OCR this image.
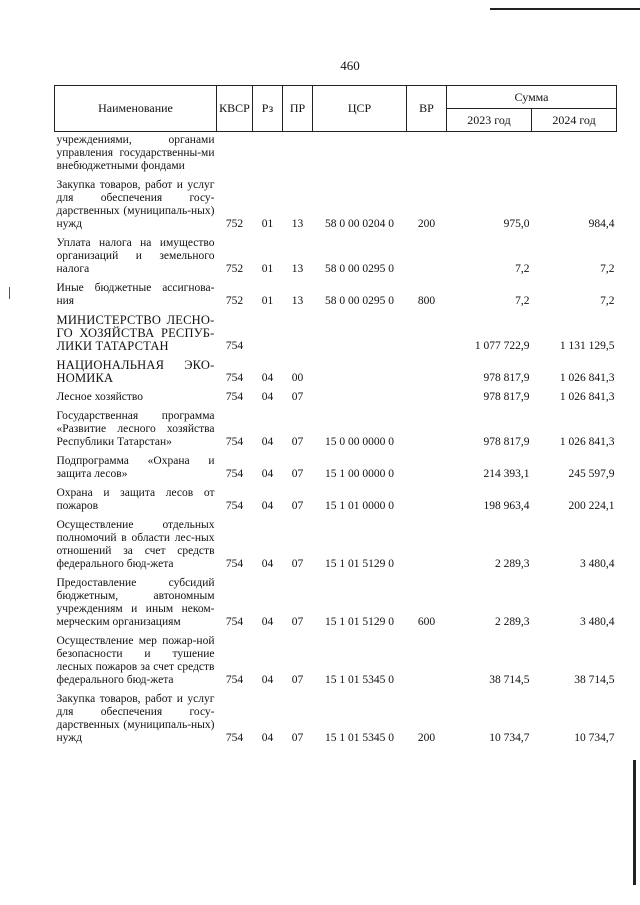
460
Наименование	КВСР	Рз	ПР	ЦСР	ВР	Сумма	
						2023 год	2024 год
учреждениями, органами управления государственны-ми внебюджетными фондами							
Закупка товаров, работ и услуг для обеспечения госу-дарственных (муниципаль-ных) нужд	752	01	13	58 0 00 0204 0	200	975,0	984,4
Уплата налога на имущество организаций и земельного налога	752	01	13	58 0 00 0295 0		7,2	7,2
Иные бюджетные ассигнова-ния	752	01	13	58 0 00 0295 0	800	7,2	7,2
МИНИСТЕРСТВО ЛЕСНО-ГО ХОЗЯЙСТВА РЕСПУБ-ЛИКИ ТАТАРСТАН	754					1 077 722,9	1 131 129,5
НАЦИОНАЛЬНАЯ ЭКО-НОМИКА	754	04	00			978 817,9	1 026 841,3
Лесное хозяйство	754	04	07			978 817,9	1 026 841,3
Государственная программа «Развитие лесного хозяйства Республики Татарстан»	754	04	07	15 0 00 0000 0		978 817,9	1 026 841,3
Подпрограмма «Охрана и защита лесов»	754	04	07	15 1 00 0000 0		214 393,1	245 597,9
Охрана и защита лесов от пожаров	754	04	07	15 1 01 0000 0		198 963,4	200 224,1
Осуществление отдельных полномочий в области лес-ных отношений за счет средств федерального бюд-жета	754	04	07	15 1 01 5129 0		2 289,3	3 480,4
Предоставление субсидий бюджетным, автономным учреждениям и иным неком-мерческим организациям	754	04	07	15 1 01 5129 0	600	2 289,3	3 480,4
Осуществление мер пожар-ной безопасности и тушение лесных пожаров за счет средств федерального бюд-жета	754	04	07	15 1 01 5345 0		38 714,5	38 714,5
Закупка товаров, работ и услуг для обеспечения госу-дарственных (муниципаль-ных) нужд	754	04	07	15 1 01 5345 0	200	10 734,7	10 734,7
